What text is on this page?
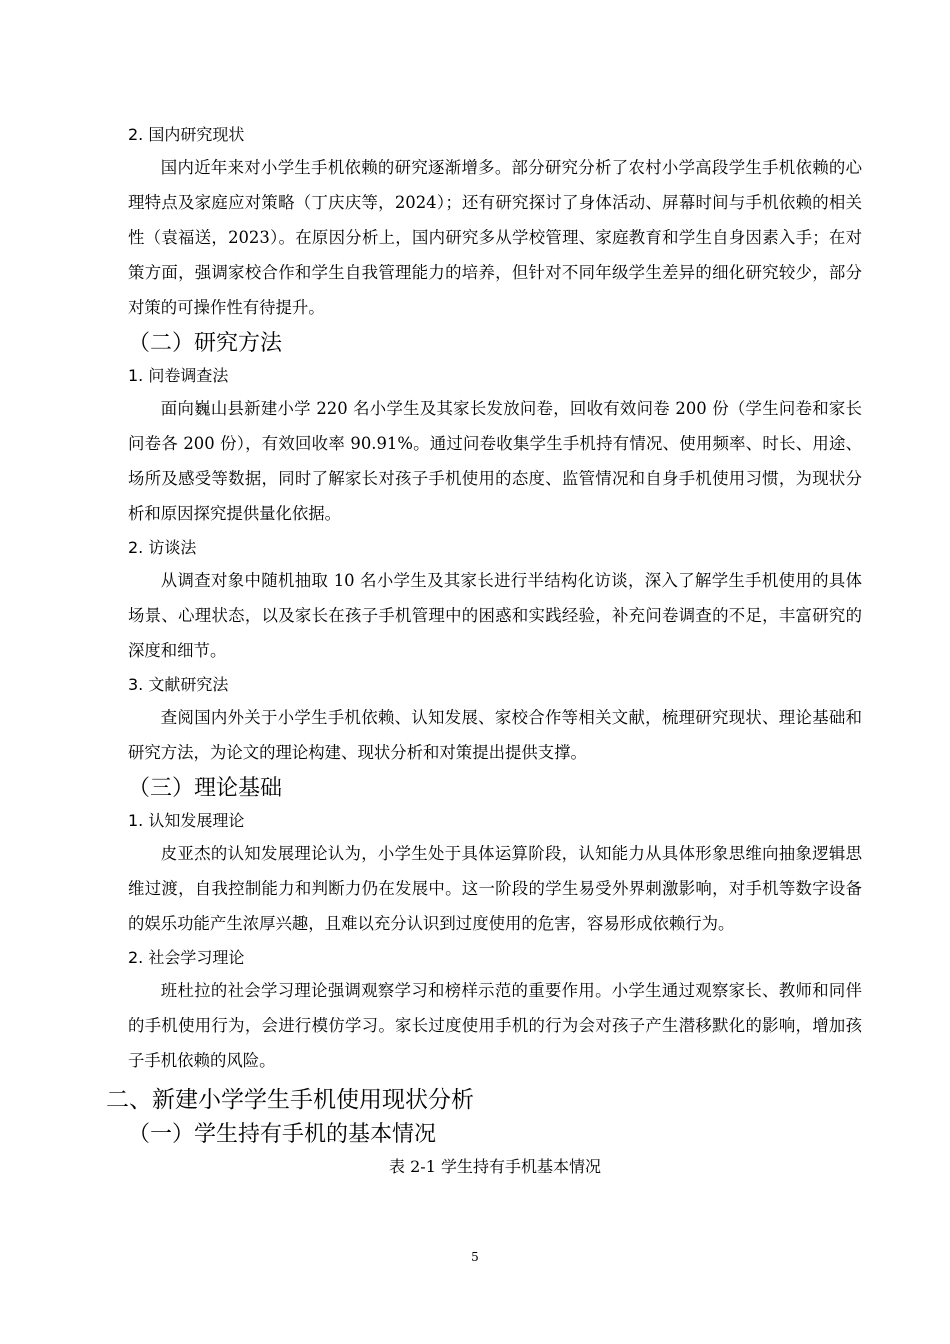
2. 国内研究现状

国内近年来对小学生手机依赖的研究逐渐增多。部分研究分析了农村小学高段学生手机依赖的心理特点及家庭应对策略（丁庆庆等，2024）；还有研究探讨了身体活动、屏幕时间与手机依赖的相关性（袁福送，2023）。在原因分析上，国内研究多从学校管理、家庭教育和学生自身因素入手；在对策方面，强调家校合作和学生自我管理能力的培养，但针对不同年级学生差异的细化研究较少，部分对策的可操作性有待提升。

（二）研究方法
1. 问卷调查法

面向巍山县新建小学 220 名小学生及其家长发放问卷，回收有效问卷 200 份（学生问卷和家长问卷各 200 份），有效回收率 90.91%。通过问卷收集学生手机持有情况、使用频率、时长、用途、场所及感受等数据，同时了解家长对孩子手机使用的态度、监管情况和自身手机使用习惯，为现状分析和原因探究提供量化依据。

2. 访谈法

从调查对象中随机抽取 10 名小学生及其家长进行半结构化访谈，深入了解学生手机使用的具体场景、心理状态，以及家长在孩子手机管理中的困惑和实践经验，补充问卷调查的不足，丰富研究的深度和细节。

3. 文献研究法

查阅国内外关于小学生手机依赖、认知发展、家校合作等相关文献，梳理研究现状、理论基础和研究方法，为论文的理论构建、现状分析和对策提出提供支撑。

（三）理论基础
1. 认知发展理论

皮亚杰的认知发展理论认为，小学生处于具体运算阶段，认知能力从具体形象思维向抽象逻辑思维过渡，自我控制能力和判断力仍在发展中。这一阶段的学生易受外界刺激影响，对手机等数字设备的娱乐功能产生浓厚兴趣，且难以充分认识到过度使用的危害，容易形成依赖行为。

2. 社会学习理论

班杜拉的社会学习理论强调观察学习和榜样示范的重要作用。小学生通过观察家长、教师和同伴的手机使用行为，会进行模仿学习。家长过度使用手机的行为会对孩子产生潜移默化的影响，增加孩子手机依赖的风险。

二、新建小学学生手机使用现状分析
（一）学生持有手机的基本情况
表 2-1 学生持有手机基本情况
5
